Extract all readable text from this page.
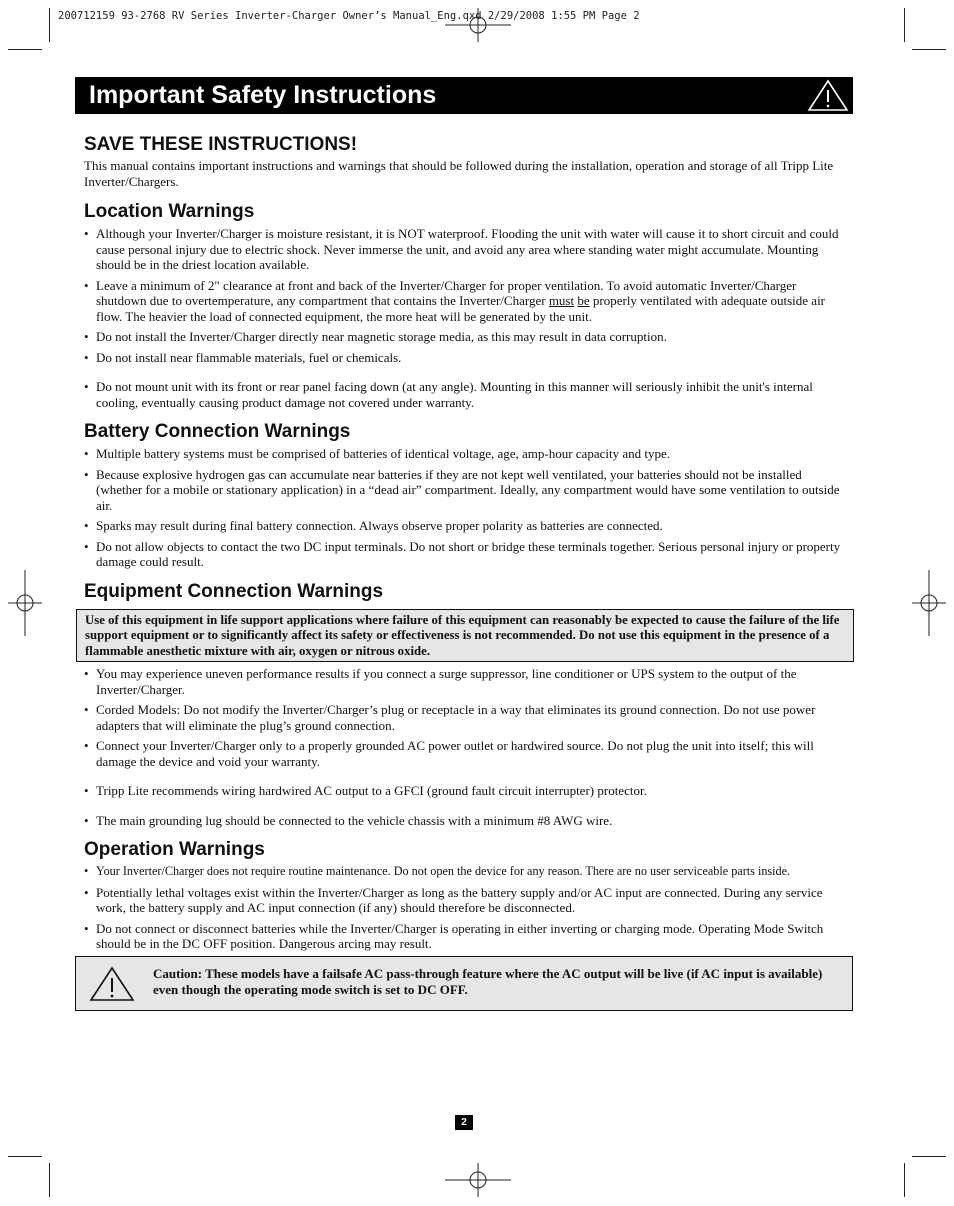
200712159 93-2768 RV Series Inverter-Charger Owner’s Manual_Eng.qxd 2/29/2008 1:55 PM Page 2
Important Safety Instructions
SAVE THESE INSTRUCTIONS!

This manual contains important instructions and warnings that should be followed during the installation, operation and storage of all Tripp Lite Inverter/Chargers.

Location Warnings
• Although your Inverter/Charger is moisture resistant, it is NOT waterproof. Flooding the unit with water will cause it to short circuit and could cause personal injury due to electric shock. Never immerse the unit, and avoid any area where standing water might accumulate. Mounting should be in the driest location available.
• Leave a minimum of 2" clearance at front and back of the Inverter/Charger for proper ventilation. To avoid automatic Inverter/Charger shutdown due to overtemperature, any compartment that contains the Inverter/Charger must be properly ventilated with adequate outside air flow. The heavier the load of connected equipment, the more heat will be generated by the unit.
• Do not install the Inverter/Charger directly near magnetic storage media, as this may result in data corruption.
• Do not install near flammable materials, fuel or chemicals.
• Do not mount unit with its front or rear panel facing down (at any angle). Mounting in this manner will seriously inhibit the unit's internal cooling, eventually causing product damage not covered under warranty.
Battery Connection Warnings
• Multiple battery systems must be comprised of batteries of identical voltage, age, amp-hour capacity and type.
• Because explosive hydrogen gas can accumulate near batteries if they are not kept well ventilated, your batteries should not be installed (whether for a mobile or stationary application) in a “dead air” compartment. Ideally, any compartment would have some ventilation to outside air.
• Sparks may result during final battery connection. Always observe proper polarity as batteries are connected.
• Do not allow objects to contact the two DC input terminals. Do not short or bridge these terminals together. Serious personal injury or property damage could result.
Equipment Connection Warnings
Use of this equipment in life support applications where failure of this equipment can reasonably be expected to cause the failure of the life support equipment or to significantly affect its safety or effectiveness is not recommended. Do not use this equipment in the presence of a flammable anesthetic mixture with air, oxygen or nitrous oxide.
• You may experience uneven performance results if you connect a surge suppressor, line conditioner or UPS system to the output of the Inverter/Charger.
• Corded Models: Do not modify the Inverter/Charger’s plug or receptacle in a way that eliminates its ground connection. Do not use power adapters that will eliminate the plug’s ground connection.
• Connect your Inverter/Charger only to a properly grounded AC power outlet or hardwired source. Do not plug the unit into itself; this will damage the device and void your warranty.
• Tripp Lite recommends wiring hardwired AC output to a GFCI (ground fault circuit interrupter) protector.
• The main grounding lug should be connected to the vehicle chassis with a minimum #8 AWG wire.
Operation Warnings
• Your Inverter/Charger does not require routine maintenance. Do not open the device for any reason. There are no user serviceable parts inside.
• Potentially lethal voltages exist within the Inverter/Charger as long as the battery supply and/or AC input are connected. During any service work, the battery supply and AC input connection (if any) should therefore be disconnected.
• Do not connect or disconnect batteries while the Inverter/Charger is operating in either inverting or charging mode. Operating Mode Switch should be in the DC OFF position. Dangerous arcing may result.
Caution: These models have a failsafe AC pass-through feature where the AC output will be live (if AC input is available) even though the operating mode switch is set to DC OFF.
2
